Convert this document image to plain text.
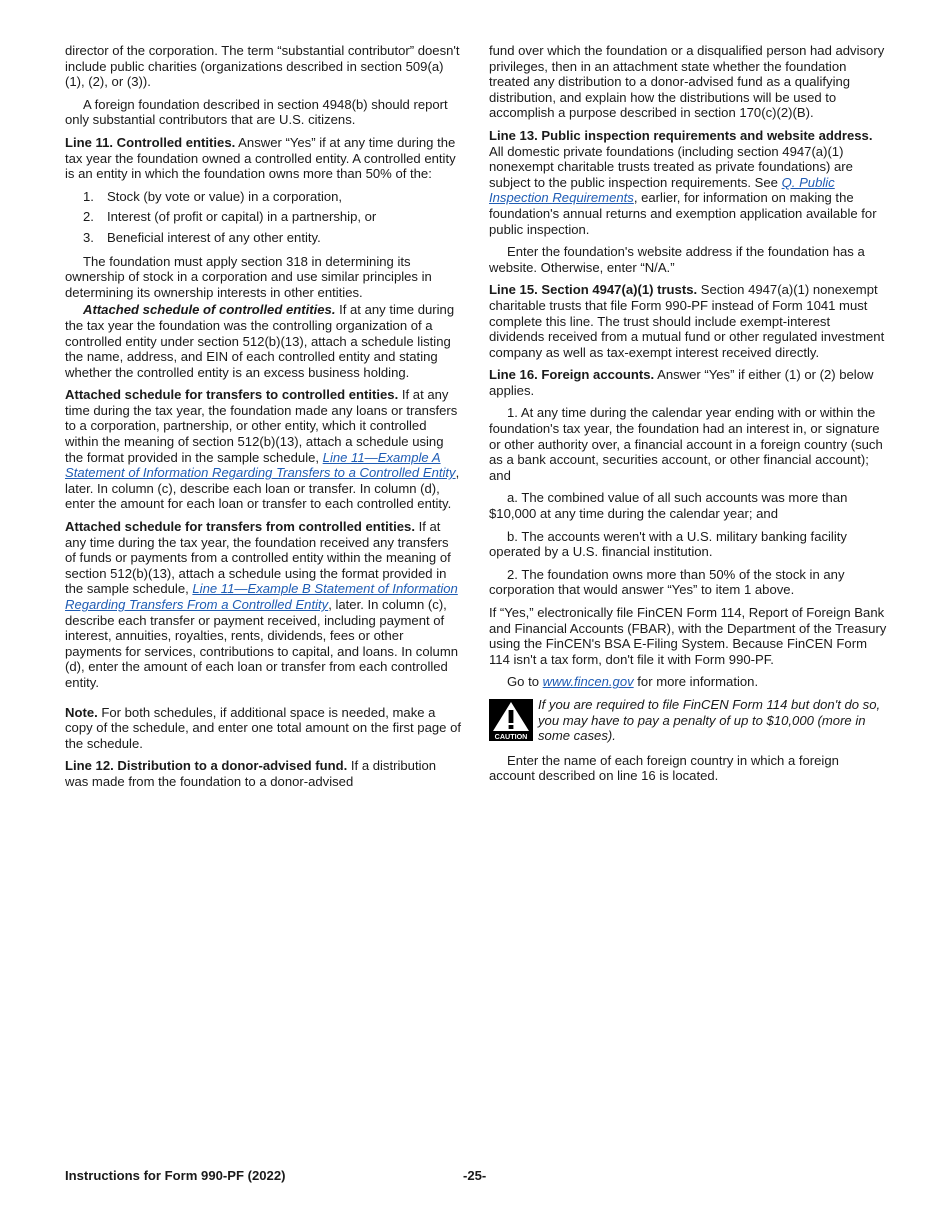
director of the corporation. The term “substantial contributor” doesn't include public charities (organizations described in section 509(a)(1), (2), or (3)).

A foreign foundation described in section 4948(b) should report only substantial contributors that are U.S. citizens.

Line 11. Controlled entities. Answer “Yes” if at any time during the tax year the foundation owned a controlled entity. A controlled entity is an entity in which the foundation owns more than 50% of the:

1. Stock (by vote or value) in a corporation,
2. Interest (of profit or capital) in a partnership, or
3. Beneficial interest of any other entity.

The foundation must apply section 318 in determining its ownership of stock in a corporation and use similar principles in determining its ownership interests in other entities.

Attached schedule of controlled entities. If at any time during the tax year the foundation was the controlling organization of a controlled entity under section 512(b)(13), attach a schedule listing the name, address, and EIN of each controlled entity and stating whether the controlled entity is an excess business holding.

Attached schedule for transfers to controlled entities. If at any time during the tax year, the foundation made any loans or transfers to a corporation, partnership, or other entity, which it controlled within the meaning of section 512(b)(13), attach a schedule using the format provided in the sample schedule, Line 11—Example A Statement of Information Regarding Transfers to a Controlled Entity, later. In column (c), describe each loan or transfer. In column (d), enter the amount for each loan or transfer to each controlled entity.

Attached schedule for transfers from controlled entities. If at any time during the tax year, the foundation received any transfers of funds or payments from a controlled entity within the meaning of section 512(b)(13), attach a schedule using the format provided in the sample schedule, Line 11—Example B Statement of Information Regarding Transfers From a Controlled Entity, later. In column (c), describe each transfer or payment received, including payment of interest, annuities, royalties, rents, dividends, fees or other payments for services, contributions to capital, and loans. In column (d), enter the amount of each loan or transfer from each controlled entity.

Note. For both schedules, if additional space is needed, make a copy of the schedule, and enter one total amount on the first page of the schedule.

Line 12. Distribution to a donor-advised fund. If a distribution was made from the foundation to a donor-advised

fund over which the foundation or a disqualified person had advisory privileges, then in an attachment state whether the foundation treated any distribution to a donor-advised fund as a qualifying distribution, and explain how the distributions will be used to accomplish a purpose described in section 170(c)(2)(B).

Line 13. Public inspection requirements and website address. All domestic private foundations (including section 4947(a)(1) nonexempt charitable trusts treated as private foundations) are subject to the public inspection requirements. See Q. Public Inspection Requirements, earlier, for information on making the foundation's annual returns and exemption application available for public inspection.

Enter the foundation's website address if the foundation has a website. Otherwise, enter “N/A.”

Line 15. Section 4947(a)(1) trusts. Section 4947(a)(1) nonexempt charitable trusts that file Form 990-PF instead of Form 1041 must complete this line. The trust should include exempt-interest dividends received from a mutual fund or other regulated investment company as well as tax-exempt interest received directly.

Line 16. Foreign accounts. Answer “Yes” if either (1) or (2) below applies.

1. At any time during the calendar year ending with or within the foundation's tax year, the foundation had an interest in, or signature or other authority over, a financial account in a foreign country (such as a bank account, securities account, or other financial account); and

a. The combined value of all such accounts was more than $10,000 at any time during the calendar year; and

b. The accounts weren't with a U.S. military banking facility operated by a U.S. financial institution.

2. The foundation owns more than 50% of the stock in any corporation that would answer “Yes” to item 1 above.

If “Yes,” electronically file FinCEN Form 114, Report of Foreign Bank and Financial Accounts (FBAR), with the Department of the Treasury using the FinCEN's BSA E-Filing System. Because FinCEN Form 114 isn't a tax form, don't file it with Form 990-PF.

Go to www.fincen.gov for more information.

CAUTION
If you are required to file FinCEN Form 114 but don't do so, you may have to pay a penalty of up to $10,000 (more in some cases).

Enter the name of each foreign country in which a foreign account described on line 16 is located.

Instructions for Form 990-PF (2022)	-25-
